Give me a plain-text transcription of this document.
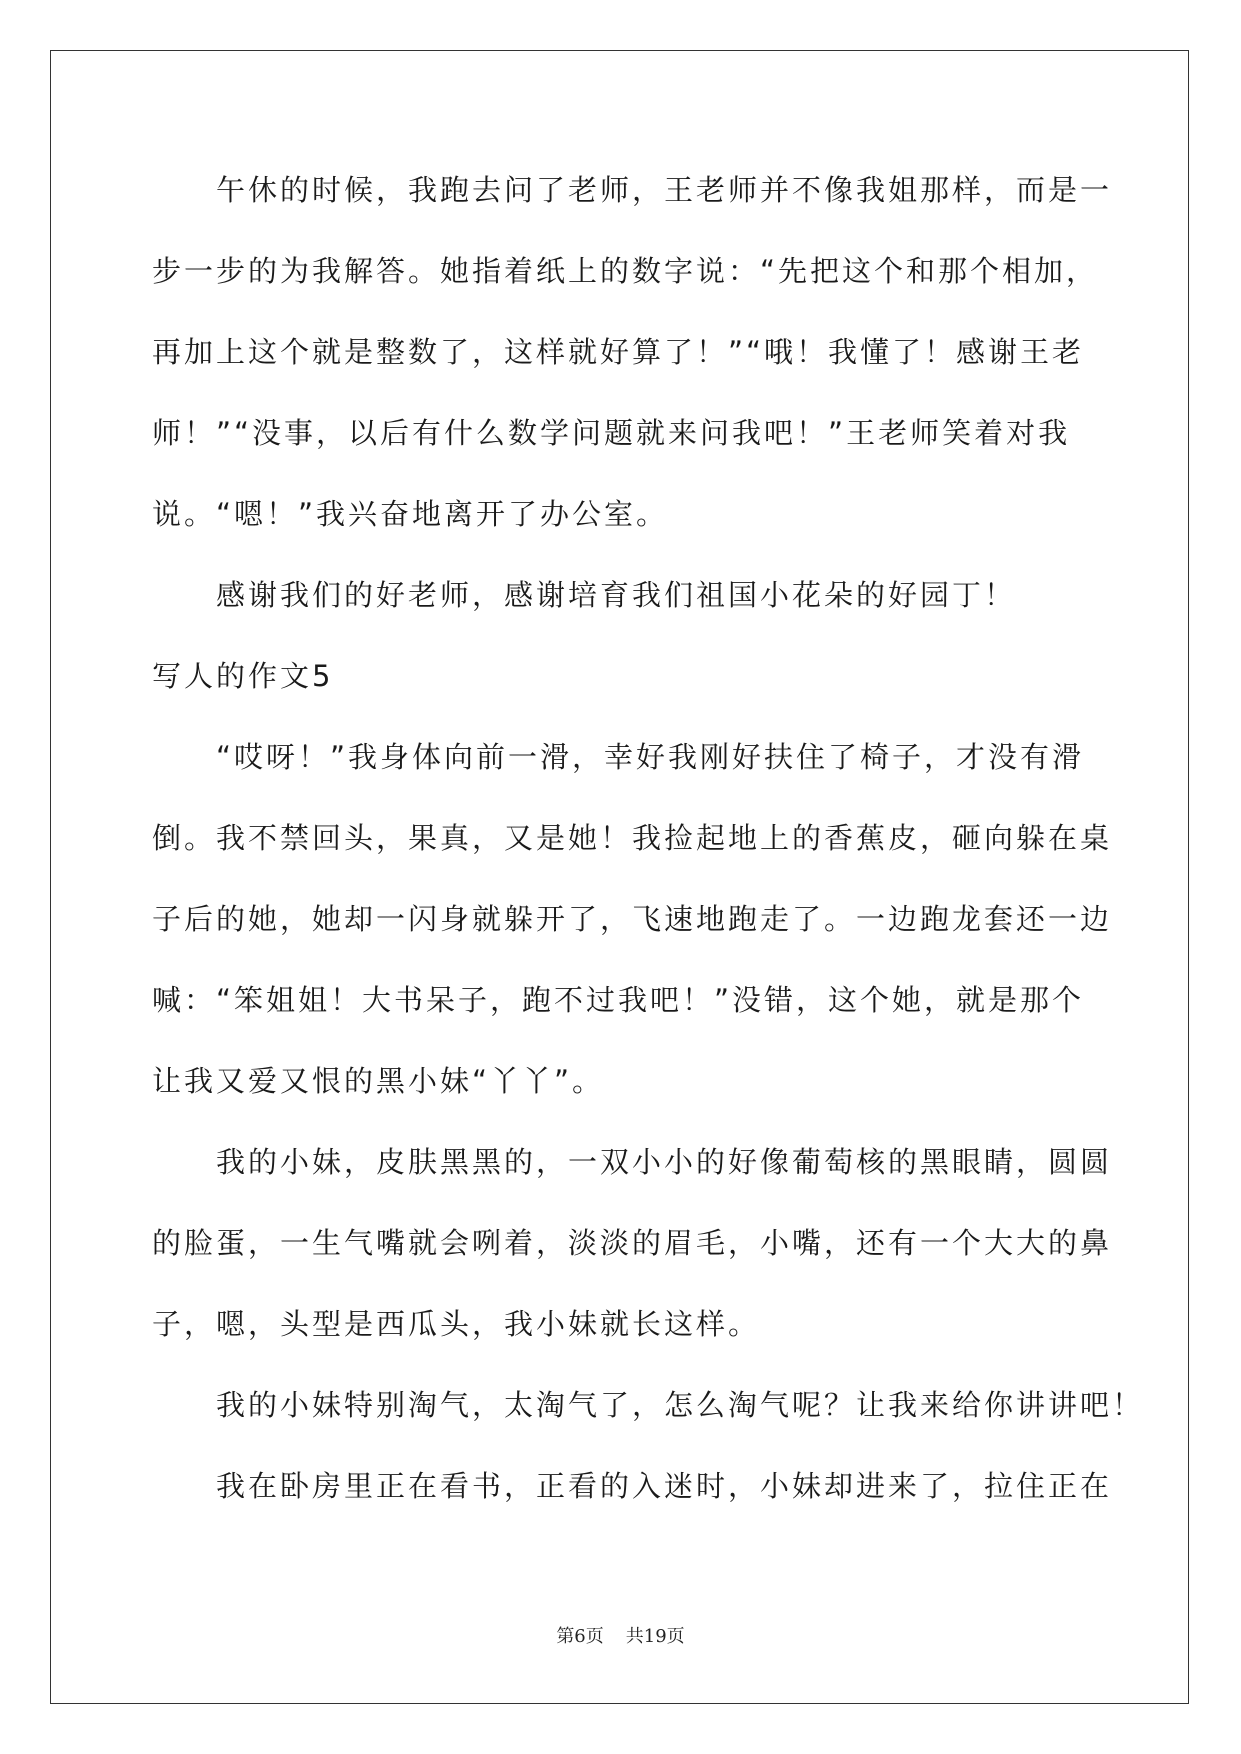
午休的时候，我跑去问了老师，王老师并不像我姐那样，而是一
步一步的为我解答。她指着纸上的数字说：“先把这个和那个相加，
再加上这个就是整数了，这样就好算了！”“哦！我懂了！感谢王老
师！”“没事，以后有什么数学问题就来问我吧！”王老师笑着对我
说。“嗯！”我兴奋地离开了办公室。
感谢我们的好老师，感谢培育我们祖国小花朵的好园丁！
写人的作文5
“哎呀！”我身体向前一滑，幸好我刚好扶住了椅子，才没有滑
倒。我不禁回头，果真，又是她！我捡起地上的香蕉皮，砸向躲在桌
子后的她，她却一闪身就躲开了，飞速地跑走了。一边跑龙套还一边
喊：“笨姐姐！大书呆子，跑不过我吧！”没错，这个她，就是那个
让我又爱又恨的黑小妹“丫丫”。
我的小妹，皮肤黑黑的，一双小小的好像葡萄核的黑眼睛，圆圆
的脸蛋，一生气嘴就会咧着，淡淡的眉毛，小嘴，还有一个大大的鼻
子，嗯，头型是西瓜头，我小妹就长这样。
我的小妹特别淘气，太淘气了，怎么淘气呢？让我来给你讲讲吧！
我在卧房里正在看书，正看的入迷时，小妹却进来了，拉住正在
第6页 共19页
